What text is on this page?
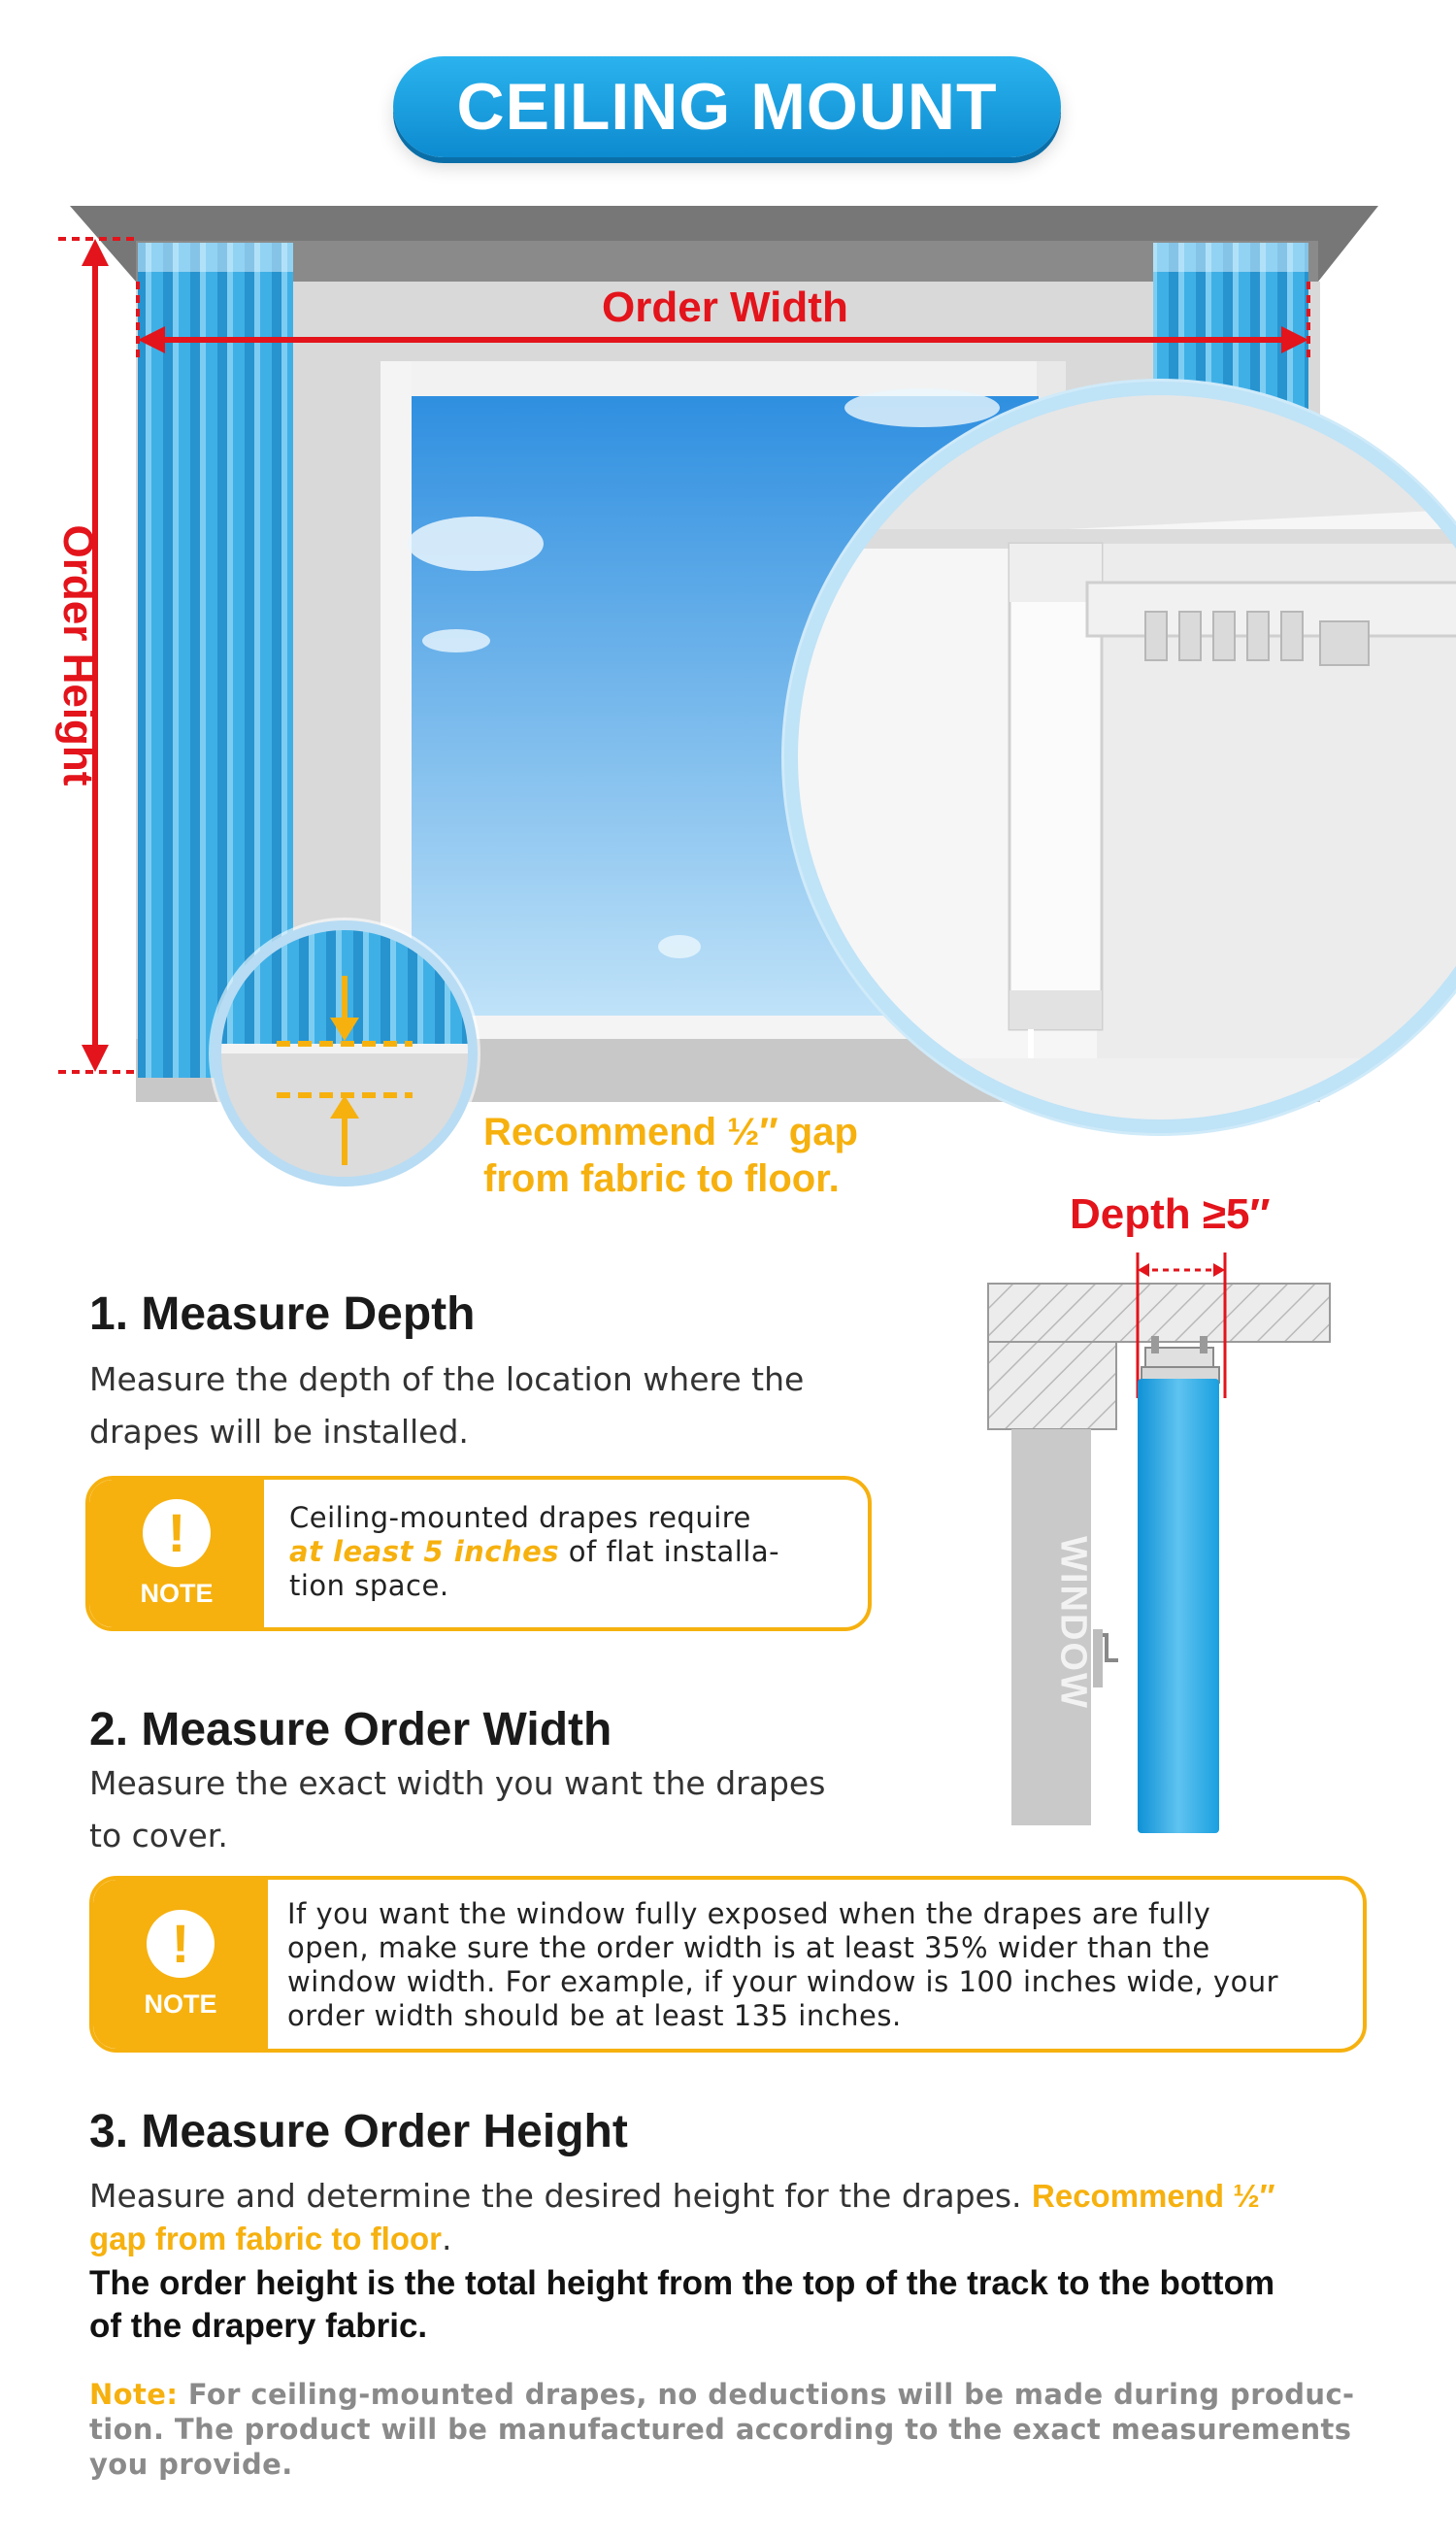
CEILING MOUNT
Order Width
Order Height
Recommend ½″ gap
from fabric to floor.
Depth ≥5″
WINDOW
1. Measure Depth
Measure the depth of the location where the
drapes will be installed.
!
NOTE
Ceiling-mounted drapes require
at least 5 inches of flat installa-
tion space.
2. Measure Order Width
Measure the exact width you want the drapes
to cover.
!
NOTE
If you want the window fully exposed when the drapes are fully
open, make sure the order width is at least 35% wider than the
window width. For example, if your window is 100 inches wide, your
order width should be at least 135 inches.
3. Measure Order Height
Measure and determine the desired height for the drapes. Recommend ½″
gap from fabric to floor.
The order height is the total height from the top of the track to the bottom
of the drapery fabric.
Note: For ceiling-mounted drapes, no deductions will be made during produc-
tion. The product will be manufactured according to the exact measurements
you provide.
